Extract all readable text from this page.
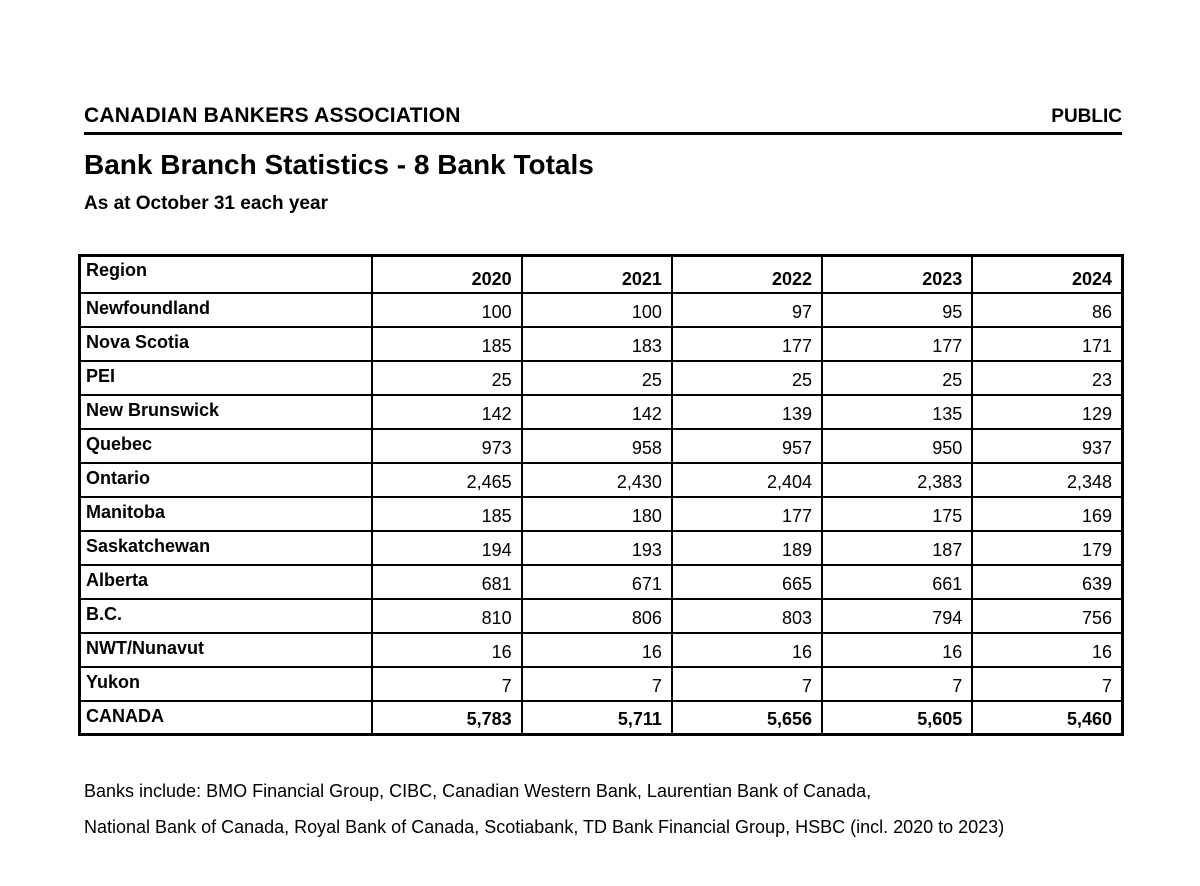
CANADIAN BANKERS ASSOCIATION	PUBLIC
Bank Branch Statistics - 8 Bank Totals
As at October 31 each year
Region	2020	2021	2022	2023	2024
Newfoundland	100	100	97	95	86
Nova Scotia	185	183	177	177	171
PEI	25	25	25	25	23
New Brunswick	142	142	139	135	129
Quebec	973	958	957	950	937
Ontario	2,465	2,430	2,404	2,383	2,348
Manitoba	185	180	177	175	169
Saskatchewan	194	193	189	187	179
Alberta	681	671	665	661	639
B.C.	810	806	803	794	756
NWT/Nunavut	16	16	16	16	16
Yukon	7	7	7	7	7
CANADA	5,783	5,711	5,656	5,605	5,460

Banks include: BMO Financial Group, CIBC, Canadian Western Bank, Laurentian Bank of Canada,

National Bank of Canada, Royal Bank of Canada, Scotiabank, TD Bank Financial Group, HSBC (incl. 2020 to 2023)
